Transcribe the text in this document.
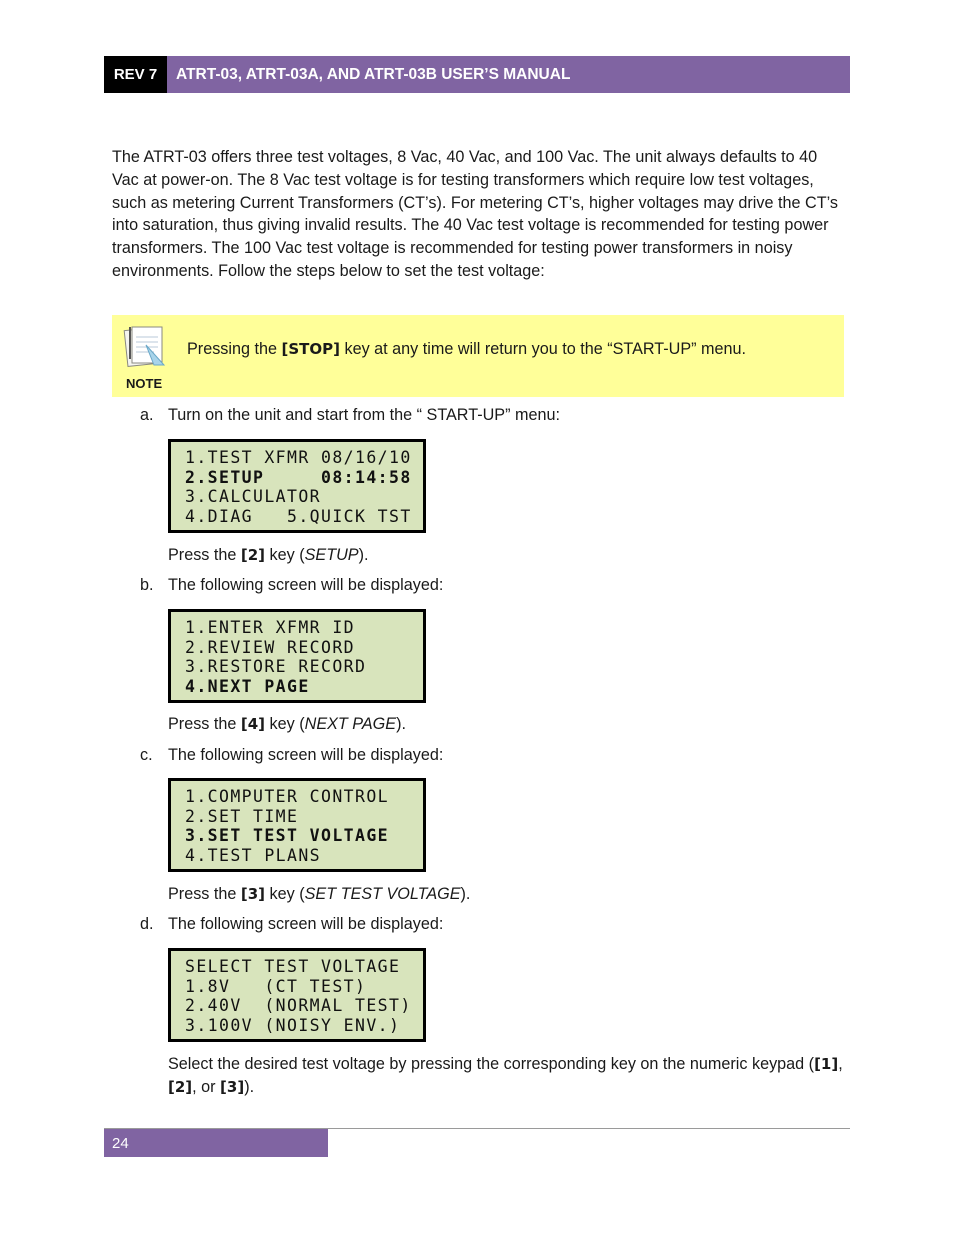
REV 7	ATRT-03, ATRT-03A, AND ATRT-03B USER’S MANUAL

The ATRT-03 offers three test voltages, 8 Vac, 40 Vac, and 100 Vac. The unit always defaults to 40 Vac at power-on. The 8 Vac test voltage is for testing transformers which require low test voltages, such as metering Current Transformers (CT’s). For metering CT’s, higher voltages may drive the CT’s into saturation, thus giving invalid results. The 40 Vac test voltage is recommended for testing power transformers. The 100 Vac test voltage is recommended for testing power transformers in noisy environments. Follow the steps below to set the test voltage:

NOTE
Pressing the [STOP] key at any time will return you to the “START-UP” menu.
a. Turn on the unit and start from the “ START-UP” menu:
1.TEST XFMR 08/16/10
2.SETUP     08:14:58
3.CALCULATOR
4.DIAG   5.QUICK TST
Press the [2] key (SETUP).
b. The following screen will be displayed:
1.ENTER XFMR ID
2.REVIEW RECORD
3.RESTORE RECORD
4.NEXT PAGE
Press the [4] key (NEXT PAGE).
c. The following screen will be displayed:
1.COMPUTER CONTROL
2.SET TIME
3.SET TEST VOLTAGE
4.TEST PLANS
Press the [3] key (SET TEST VOLTAGE).
d. The following screen will be displayed:
SELECT TEST VOLTAGE
1.8V   (CT TEST)
2.40V  (NORMAL TEST)
3.100V (NOISY ENV.)

Select the desired test voltage by pressing the corresponding key on the numeric keypad ([1], [2], or [3]).

24
